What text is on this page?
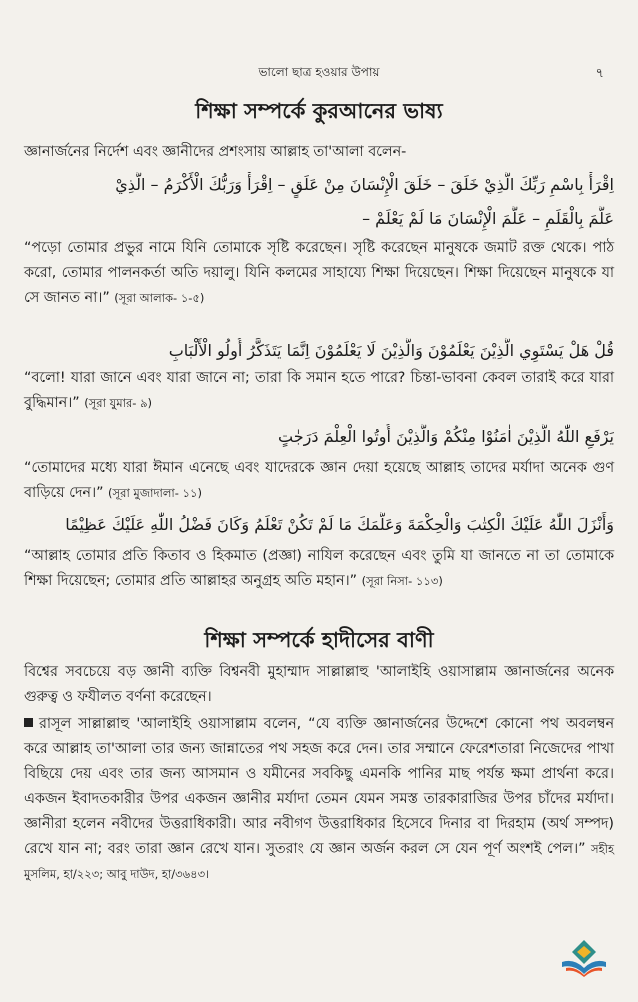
ভালো ছাত্র হওয়ার উপায়	৭
শিক্ষা সম্পর্কে কুরআনের ভাষ্য
জ্ঞানার্জনের নির্দেশ এবং জ্ঞানীদের প্রশংসায় আল্লাহ তা'আলা বলেন-
اِقْرَأْ بِاسْمِ رَبِّكَ الَّذِيْ خَلَقَ – خَلَقَ الْإِنْسَانَ مِنْ عَلَقٍ – اِقْرَأْ وَرَبُّكَ الْأَكْرَمُ – الَّذِيْ
عَلَّمَ بِالْقَلَمِ – عَلَّمَ الْإِنْسَانَ مَا لَمْ يَعْلَمْ –
“পড়ো তোমার প্রভুর নামে যিনি তোমাকে সৃষ্টি করেছেন। সৃষ্টি করেছেন মানুষকে জমাট রক্ত থেকে। পাঠ করো, তোমার পালনকর্তা অতি দয়ালু। যিনি কলমের সাহায্যে শিক্ষা দিয়েছেন। শিক্ষা দিয়েছেন মানুষকে যা সে জানত না।” (সূরা আলাক- ১-৫)
قُلْ هَلْ يَسْتَوِي الَّذِيْنَ يَعْلَمُوْنَ وَالَّذِيْنَ لَا يَعْلَمُوْنَ اِنَّمَا يَتَذَكَّرُ أُولُو الْأَلْبَابِ
“বলো! যারা জানে এবং যারা জানে না; তারা কি সমান হতে পারে? চিন্তা-ভাবনা কেবল তারাই করে যারা বুদ্ধিমান।” (সূরা যুমার- ৯)
يَرْفَعِ اللّٰهُ الَّذِيْنَ اٰمَنُوْا مِنْكُمْ وَالَّذِيْنَ أُوتُوا الْعِلْمَ دَرَجٰتٍ
“তোমাদের মধ্যে যারা ঈমান এনেছে এবং যাদেরকে জ্ঞান দেয়া হয়েছে আল্লাহ তাদের মর্যাদা অনেক গুণ বাড়িয়ে দেন।” (সূরা মুজাদালা- ১১)
وَأَنْزَلَ اللّٰهُ عَلَيْكَ الْكِتٰبَ وَالْحِكْمَةَ وَعَلَّمَكَ مَا لَمْ تَكُنْ تَعْلَمُ وَكَانَ فَضْلُ اللّٰهِ عَلَيْكَ عَظِيْمًا
“আল্লাহ তোমার প্রতি কিতাব ও হিকমাত (প্রজ্ঞা) নাযিল করেছেন এবং তুমি যা জানতে না তা তোমাকে শিক্ষা দিয়েছেন; তোমার প্রতি আল্লাহর অনুগ্রহ অতি মহান।” (সূরা নিসা- ১১৩)
শিক্ষা সম্পর্কে হাদীসের বাণী
বিশ্বের সবচেয়ে বড় জ্ঞানী ব্যক্তি বিশ্বনবী মুহাম্মাদ সাল্লাল্লাহু 'আলাইহি ওয়াসাল্লাম জ্ঞানার্জনের অনেক গুরুত্ব ও ফযীলত বর্ণনা করেছেন।
রাসূল সাল্লাল্লাহু 'আলাইহি ওয়াসাল্লাম বলেন, “যে ব্যক্তি জ্ঞানার্জনের উদ্দেশে কোনো পথ অবলম্বন করে আল্লাহ তা'আলা তার জন্য জান্নাতের পথ সহজ করে দেন। তার সম্মানে ফেরেশতারা নিজেদের পাখা বিছিয়ে দেয় এবং তার জন্য আসমান ও যমীনের সবকিছু এমনকি পানির মাছ পর্যন্ত ক্ষমা প্রার্থনা করে। একজন ইবাদতকারীর উপর একজন জ্ঞানীর মর্যাদা তেমন যেমন সমস্ত তারকারাজির উপর চাঁদের মর্যাদা। জ্ঞানীরা হলেন নবীদের উত্তরাধিকারী। আর নবীগণ উত্তরাধিকার হিসেবে দিনার বা দিরহাম (অর্থ সম্পদ) রেখে যান না; বরং তারা জ্ঞান রেখে যান। সুতরাং যে জ্ঞান অর্জন করল সে যেন পূর্ণ অংশই পেল।” সহীহ মুসলিম, হা/২২৩; আবু দাউদ, হা/৩৬৪৩।
